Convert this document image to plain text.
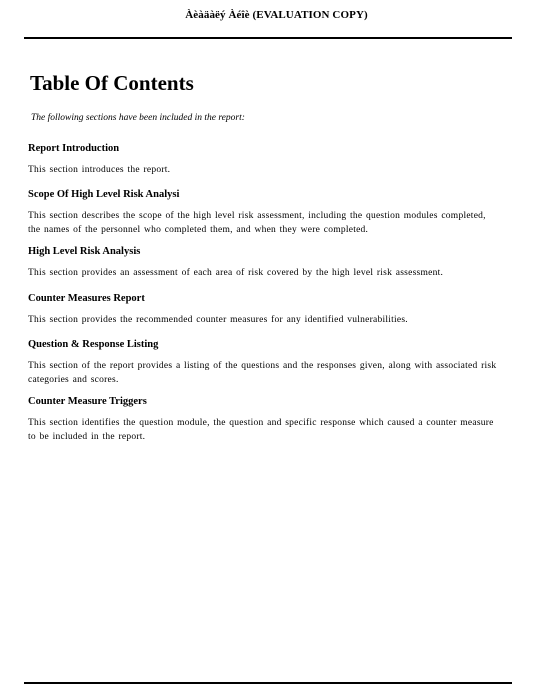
Àèàäàëý Àéîè (EVALUATION COPY)
Table Of Contents
The following sections have been included in the report:
Report Introduction

This section introduces the report.

Scope Of High Level Risk Analysi

This section describes the scope of the high level risk assessment, including the question modules completed, the names of the personnel who completed them, and when they were completed.

High Level Risk Analysis

This section provides an assessment of each area of risk covered by the high level risk assessment.

Counter Measures Report

This section provides the recommended counter measures for any identified vulnerabilities.

Question & Response Listing

This section of the report provides a listing of the questions and the responses given, along with associated risk categories and scores.

Counter Measure Triggers

This section identifies the question module, the question and specific response which caused a counter measure to be included in the report.
